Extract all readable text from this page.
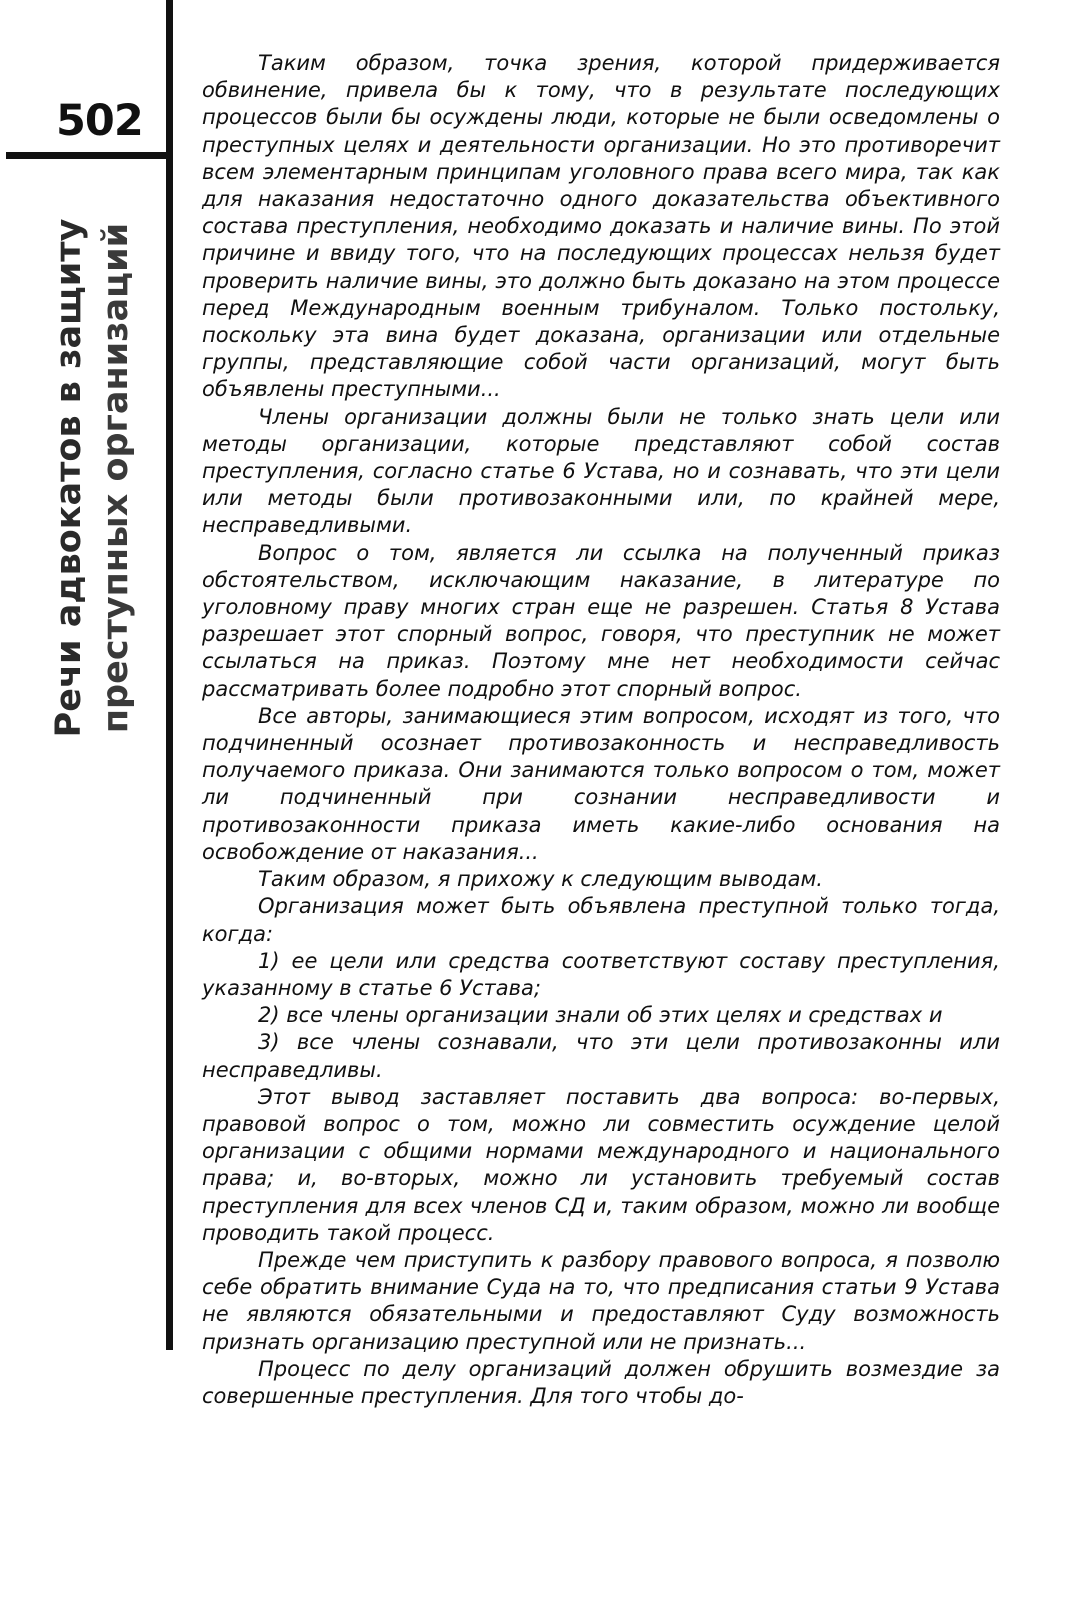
502
Речи адвокатов в защиту преступных организаций

Таким образом, точка зрения, которой придерживается обвинение, привела бы к тому, что в результате последующих процессов были бы осуждены люди, которые не были осведомлены о преступных целях и деятельности организации. Но это противоречит всем элементарным принципам уголовного права всего мира, так как для наказания недостаточно одного доказательства объективного состава преступления, необходимо доказать и наличие вины. По этой причине и ввиду того, что на последующих процессах нельзя будет проверить наличие вины, это должно быть доказано на этом процессе перед Международным военным трибуналом. Только постольку, поскольку эта вина будет доказана, организации или отдельные группы, представляющие собой части организаций, могут быть объявлены преступными...

Члены организации должны были не только знать цели или методы организации, которые представляют собой состав преступления, согласно статье 6 Устава, но и сознавать, что эти цели или методы были противозаконными или, по крайней мере, несправедливыми.

Вопрос о том, является ли ссылка на полученный приказ обстоятельством, исключающим наказание, в литературе по уголовному праву многих стран еще не разрешен. Статья 8 Устава разрешает этот спорный вопрос, говоря, что преступник не может ссылаться на приказ. Поэтому мне нет необходимости сейчас рассматривать более подробно этот спорный вопрос.

Все авторы, занимающиеся этим вопросом, исходят из того, что подчиненный осознает противозаконность и несправедливость получаемого приказа. Они занимаются только вопросом о том, может ли подчиненный при сознании несправедливости и противозаконности приказа иметь какие-либо основания на освобождение от наказания...

Таким образом, я прихожу к следующим выводам.

Организация может быть объявлена преступной только тогда, когда:

1) ее цели или средства соответствуют составу преступления, указанному в статье 6 Устава;

2) все члены организации знали об этих целях и средствах и

3) все члены сознавали, что эти цели противозаконны или несправедливы.

Этот вывод заставляет поставить два вопроса: во-первых, правовой вопрос о том, можно ли совместить осуждение целой организации с общими нормами международного и национального права; и, во-вторых, можно ли установить требуемый состав преступления для всех членов СД и, таким образом, можно ли вообще проводить такой процесс.

Прежде чем приступить к разбору правового вопроса, я позволю себе обратить внимание Суда на то, что предписания статьи 9 Устава не являются обязательными и предоставляют Суду возможность признать организацию преступной или не признать...

Процесс по делу организаций должен обрушить возмездие за совершенные преступления. Для того чтобы до-
